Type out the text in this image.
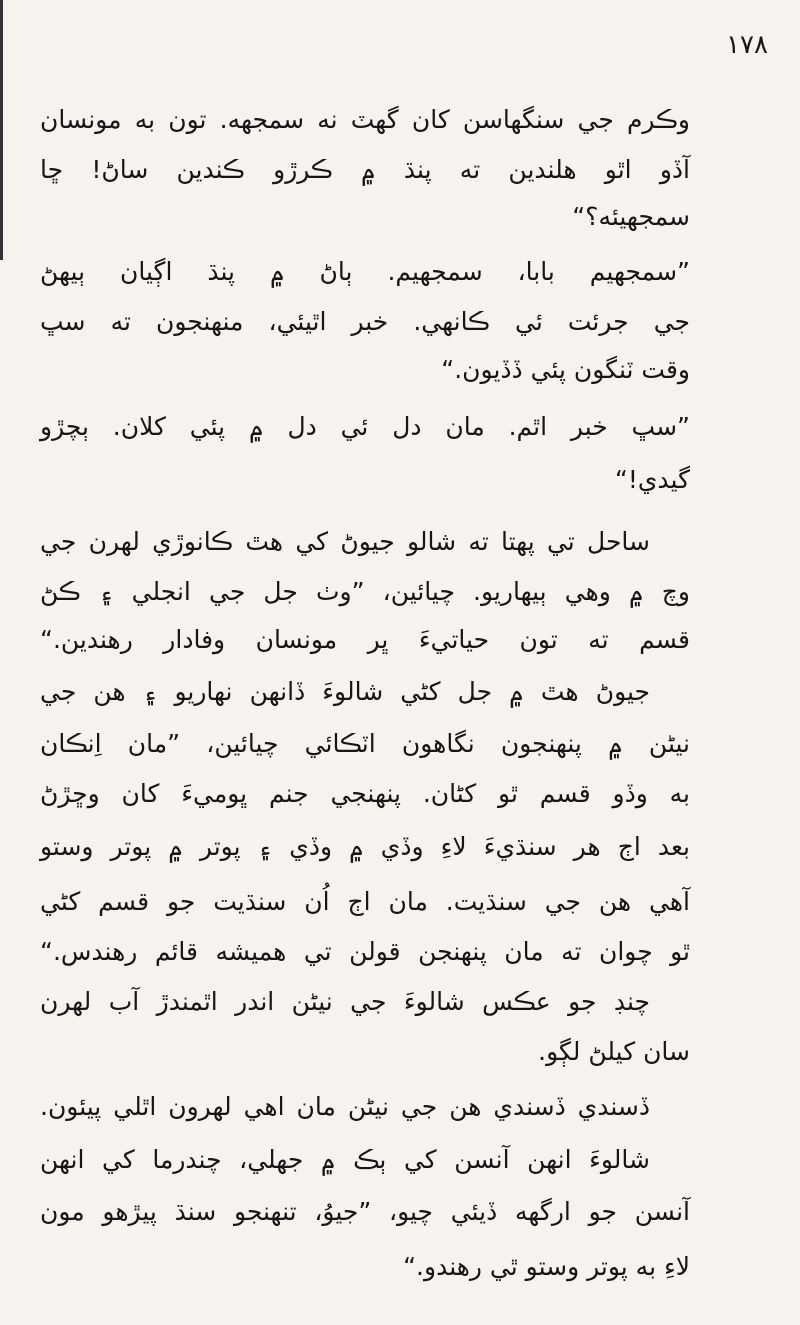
١٧٨
وڪرم جي سنگهاسن کان گهٽ نه سمجهه. تون به مونسان
آڏو اٿو هلندين ته پنڌ ۾ ڪرڙو ڪندين ساڻ! ڇا
سمجهيئه؟“
”سمجهيم بابا، سمجهيم. ٻاڻ ۾ پنڌ اڳيان ٻيهڻ
جي جرئت ئي ڪانهي. خبر اٿيئي، منهنجون ته سڀ
وقت ٽنگون پئي ڏڏيون.“
”سڀ خبر اٿم. مان دل ئي دل ۾ پئي کلان. ٻچڙو
گيدي!“
ساحل تي پهتا ته شالو جيوڻ کي هٿ ڪانوڙي لهرن جي
وچ ۾ وهي ٻيهاريو. چيائين، ”وٺ جل جي انجلي ۽ ڪڻ
قسم ته تون حياتيءَ ڀر مونسان وفادار رهندين.“
جيوڻ هٿ ۾ جل کڻي شالوءَ ڏانهن نهاريو ۽ هن جي
نيڻن ۾ پنهنجون نگاهون اٽڪائي چيائين، ”مان اِنڪان
به وڏو قسم ٿو کڻان. پنهنجي جنم ڀوميءَ کان وڇڙڻ
بعد اڄ هر سنڌيءَ لاءِ وڏي ۾ وڏي ۽ پوتر ۾ پوتر وستو
آهي هن جي سنڌيت. مان اڄ اُن سنڌيت جو قسم کڻي
ٿو چوان ته مان پنهنجن قولن تي هميشه قائم رهندس.“
چنڊ جو عڪس شالوءَ جي نيڻن اندر اٿمندڙ آب لهرن
سان کيلڻ لڳو.
ڏسندي ڏسندي هن جي نيڻن مان اهي لهرون اٿلي پيئون.
شالوءَ انهن آنسن کي ٻڪ ۾ جهلي، چندرما کي انهن
آنسن جو ارگهه ڏيئي چيو، ”جيوُ، تنهنجو سنڌ پيڙهو مون
لاءِ به پوتر وستو ٿي رهندو.“
